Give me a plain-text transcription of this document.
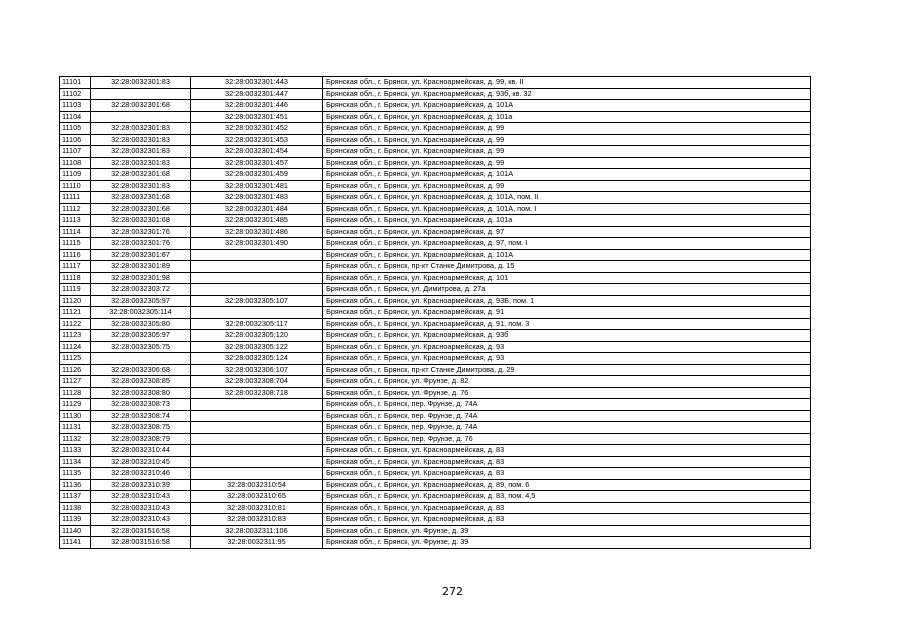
11101	32:28:0032301:83	32:28:0032301:443	Брянская обл., г. Брянск, ул. Красноармейская, д. 99, кв. II
11102		32:28:0032301:447	Брянская обл., г. Брянск, ул. Красноармейская, д. 93б, кв. 32
11103	32:28:0032301:68	32:28:0032301:446	Брянская обл., г. Брянск, ул. Красноармейская, д. 101А
11104		32:28:0032301:451	Брянская обл., г. Брянск, ул. Красноармейская, д. 101а
11105	32:28:0032301:83	32:28:0032301:452	Брянская обл., г. Брянск, ул. Красноармейская, д. 99
11106	32:28:0032301:83	32:28:0032301:453	Брянская обл., г. Брянск, ул. Красноармейская, д. 99
11107	32:28:0032301:83	32:28:0032301:454	Брянская обл., г. Брянск, ул. Красноармейская, д. 99
11108	32:28:0032301:83	32:28:0032301:457	Брянская обл., г. Брянск, ул. Красноармейская, д. 99
11109	32:28:0032301:68	32:28:0032301:459	Брянская обл., г. Брянск, ул. Красноармейская, д. 101А
11110	32:28:0032301:83	32:28:0032301:481	Брянская обл., г. Брянск, ул. Красноармейская, д. 99
11111	32:28:0032301:68	32:28:0032301:483	Брянская обл., г. Брянск, ул. Красноармейская, д. 101А, пом. II
11112	32:28:0032301:68	32:28:0032301:484	Брянская обл., г. Брянск, ул. Красноармейская, д. 101А, пом. I
11113	32:28:0032301:68	32:28:0032301:485	Брянская обл., г. Брянск, ул. Красноармейская, д. 101а
11114	32:28:0032301:76	32:28:0032301:486	Брянская обл., г. Брянск, ул. Красноармейская, д. 97
11115	32:28:0032301:76	32:28:0032301:490	Брянская обл., г. Брянск, ул. Красноармейская, д. 97, пом. I
11116	32:28:0032301:67		Брянская обл., г. Брянск, ул. Красноармейская, д. 101А
11117	32:28:0032301:89		Брянская обл., г. Брянск, пр-кт Станке Димитрова, д. 15
11118	32:28:0032301:98		Брянская обл., г. Брянск, ул. Красноармейская, д. 101
11119	32:28:0032303:72		Брянская обл., г. Брянск, ул. Димитрова, д. 27а
11120	32:28:0032305:97	32:28:0032305:107	Брянская обл., г. Брянск, ул. Красноармейская, д. 93Б, пом. 1
11121	32:28:0032305:114		Брянская обл., г. Брянск, ул. Красноармейская, д. 91
11122	32:28:0032305:80	32:28:0032305:117	Брянская обл., г. Брянск, ул. Красноармейская, д. 91, пом. 3
11123	32:28:0032305:97	32:28:0032305:120	Брянская обл., г. Брянск, ул. Красноармейская, д. 93б
11124	32:28:0032305:75	32:28:0032305:122	Брянская обл., г. Брянск, ул. Красноармейская, д. 93
11125		32:28:0032305:124	Брянская обл., г. Брянск, ул. Красноармейская, д. 93
11126	32:28:0032306:68	32:28:0032306:107	Брянская обл., г. Брянск, пр-кт Станке Димитрова, д. 29
11127	32:28:0032308:85	32:28:0032308:704	Брянская обл., г. Брянск, ул. Фрунзе, д. 82
11128	32:28:0032308:80	32:28:0032308:718	Брянская обл., г. Брянск, ул. Фрунзе, д. 76
11129	32:28:0032308:73		Брянская обл., г. Брянск, пер. Фрунзе, д. 74А
11130	32:28:0032308:74		Брянская обл., г. Брянск, пер. Фрунзе, д. 74А
11131	32:28:0032308:75		Брянская обл., г. Брянск, пер. Фрунзе, д. 74А
11132	32:28:0032308:79		Брянская обл., г. Брянск, пер. Фрунзе, д. 76
11133	32:28:0032310:44		Брянская обл., г. Брянск, ул. Красноармейская, д. 83
11134	32:28:0032310:45		Брянская обл., г. Брянск, ул. Красноармейская, д. 83
11135	32:28:0032310:46		Брянская обл., г. Брянск, ул. Красноармейская, д. 83
11136	32:28:0032310:39	32:28:0032310:54	Брянская обл., г. Брянск, ул. Красноармейская, д. 89, пом. 6
11137	32:28:0032310:43	32:28:0032310:65	Брянская обл., г. Брянск, ул. Красноармейская, д. 83, пом. 4,5
11138	32:28:0032310:43	32:28:0032310:81	Брянская обл., г. Брянск, ул. Красноармейская, д. 83
11139	32:28:0032310:43	32:28:0032310:83	Брянская обл., г. Брянск, ул. Красноармейская, д. 83
11140	32:28:0031516:58	32:28:0032311:106	Брянская обл., г. Брянск, ул. Фрунзе, д. 39
11141	32:28:0031516:58	32:28:0032311:95	Брянская обл., г. Брянск, ул. Фрунзе, д. 39
272
